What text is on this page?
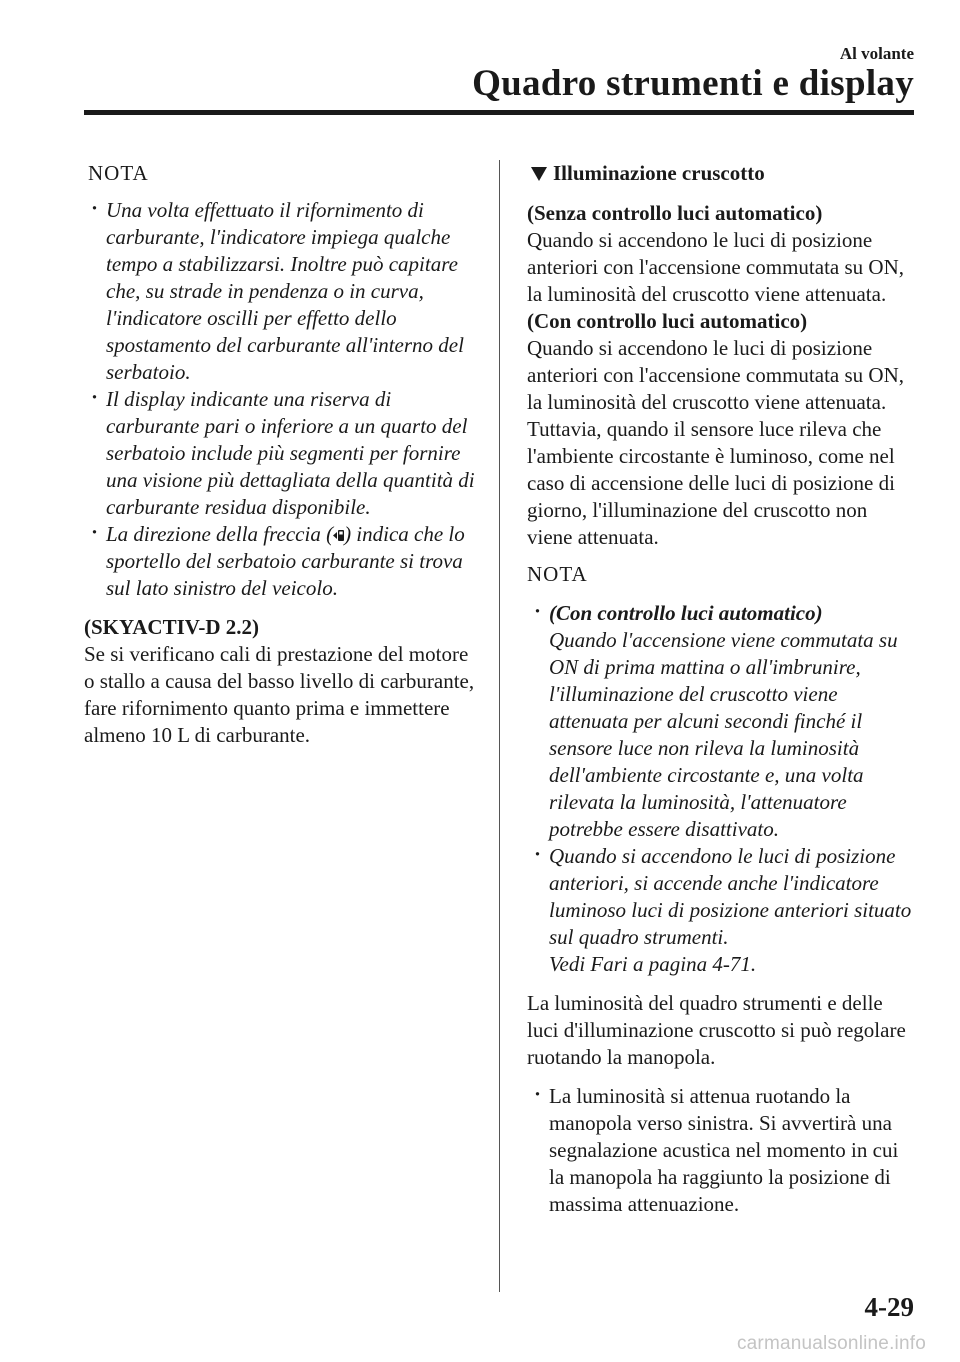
Al volante
Quadro strumenti e display

NOTA

· Una volta effettuato il rifornimento di carburante, l'indicatore impiega qualche tempo a stabilizzarsi. Inoltre può capitare che, su strade in pendenza o in curva, l'indicatore oscilli per effetto dello spostamento del carburante all'interno del serbatoio.
· Il display indicante una riserva di carburante pari o inferiore a un quarto del serbatoio include più segmenti per fornire una visione più dettagliata della quantità di carburante residua disponibile.
· La direzione della freccia ( ) indica che lo sportello del serbatoio carburante si trova sul lato sinistro del veicolo.

(SKYACTIV-D 2.2)

Se si verificano cali di prestazione del motore o stallo a causa del basso livello di carburante, fare rifornimento quanto prima e immettere almeno 10 L di carburante.

Illuminazione cruscotto

(Senza controllo luci automatico)

Quando si accendono le luci di posizione anteriori con l'accensione commutata su ON, la luminosità del cruscotto viene attenuata.

(Con controllo luci automatico)

Quando si accendono le luci di posizione anteriori con l'accensione commutata su ON, la luminosità del cruscotto viene attenuata. Tuttavia, quando il sensore luce rileva che l'ambiente circostante è luminoso, come nel caso di accensione delle luci di posizione di giorno, l'illuminazione del cruscotto non viene attenuata.

NOTA

· (Con controllo luci automatico)
Quando l'accensione viene commutata su ON di prima mattina o all'imbrunire, l'illuminazione del cruscotto viene attenuata per alcuni secondi finché il sensore luce non rileva la luminosità dell'ambiente circostante e, una volta rilevata la luminosità, l'attenuatore potrebbe essere disattivato.
· Quando si accendono le luci di posizione anteriori, si accende anche l'indicatore luminoso luci di posizione anteriori situato sul quadro strumenti.
Vedi Fari a pagina 4-71.

La luminosità del quadro strumenti e delle luci d'illuminazione cruscotto si può regolare ruotando la manopola.

· La luminosità si attenua ruotando la manopola verso sinistra. Si avvertirà una segnalazione acustica nel momento in cui la manopola ha raggiunto la posizione di massima attenuazione.
4-29
carmanualsonline.info
